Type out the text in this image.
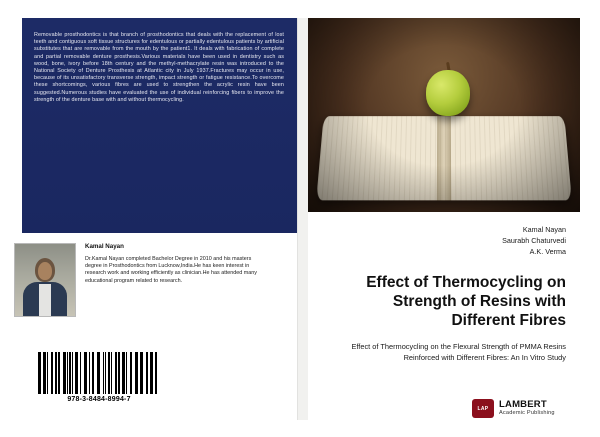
Removable prosthodontics is that branch of prosthodontics that deals with the replacement of lost teeth and contiguous soft tissue structures for edentulous or partially edentulous patients by artificial substitutes that are removable from the mouth by the patient1. It deals with fabrication of complete and partial removable denture prosthesis.Various materials have been used in dentistry such as wood, bone, ivory before 18th century and the methyl-methacrylate resin was introduced to the National Society of Denture Prosthesis at Atlantic city in July 1937.Fractures may occur in use, because of its unsatisfactory transverse strength, impact strength or fatigue resistance.To overcome these shortcomings, various fibres are used to strengthen the acrylic resin have been suggested.Numerous studies have evaluated the use of individual reinforcing fibers to improve the strength of the denture base with and without thermocycling.
Kamal Nayan
Dr.Kamal Nayan completed Bachelor Degree in 2010 and his masters degree in Prosthodontics from Lucknow,India.He has keen interest in research work and working efficiently as clinician.He has attended many educational program related to research.
978-3-8484-8994-7
Kamal Nayan
Saurabh Chaturvedi
A.K. Verma
Effect of Thermocycling on Strength of Resins with Different Fibres
Effect of Thermocycling on the Flexural Strength of PMMA Resins Reinforced with Different Fibres: An In Vitro Study
LAP	LAMBERT
Academic Publishing
